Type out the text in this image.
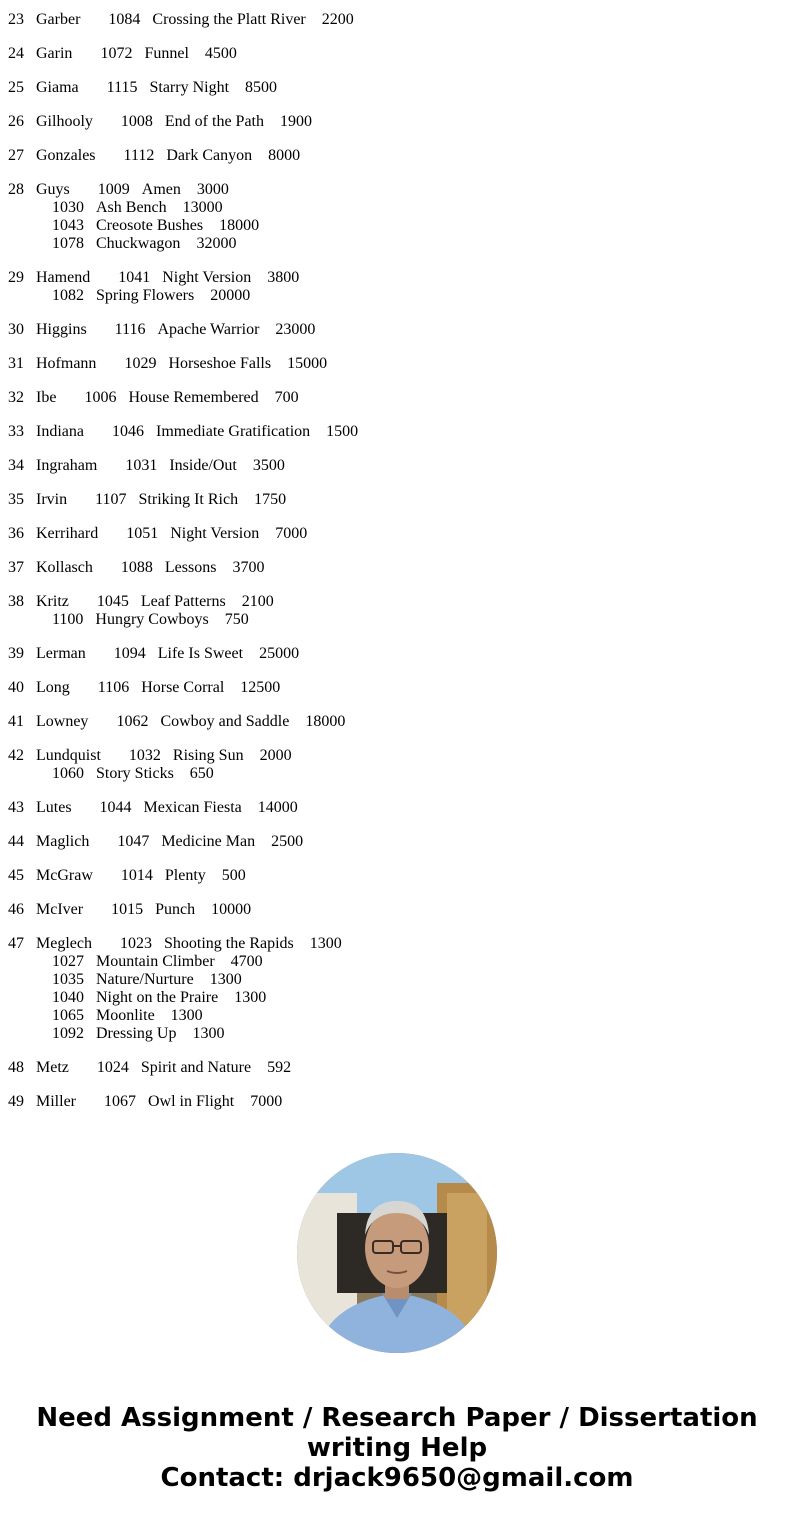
23 Garber 1084 Crossing the Platt River 2200
24 Garin 1072 Funnel 4500
25 Giama 1115 Starry Night 8500
26 Gilhooly 1008 End of the Path 1900
27 Gonzales 1112 Dark Canyon 8000
28 Guys 1009 Amen 3000
1030 Ash Bench 13000
1043 Creosote Bushes 18000
1078 Chuckwagon 32000
29 Hamend 1041 Night Version 3800
1082 Spring Flowers 20000
30 Higgins 1116 Apache Warrior 23000
31 Hofmann 1029 Horseshoe Falls 15000
32 Ibe 1006 House Remembered 700
33 Indiana 1046 Immediate Gratification 1500
34 Ingraham 1031 Inside/Out 3500
35 Irvin 1107 Striking It Rich 1750
36 Kerrihard 1051 Night Version 7000
37 Kollasch 1088 Lessons 3700
38 Kritz 1045 Leaf Patterns 2100
1100 Hungry Cowboys 750
39 Lerman 1094 Life Is Sweet 25000
40 Long 1106 Horse Corral 12500
41 Lowney 1062 Cowboy and Saddle 18000
42 Lundquist 1032 Rising Sun 2000
1060 Story Sticks 650
43 Lutes 1044 Mexican Fiesta 14000
44 Maglich 1047 Medicine Man 2500
45 McGraw 1014 Plenty 500
46 McIver 1015 Punch 10000
47 Meglech 1023 Shooting the Rapids 1300
1027 Mountain Climber 4700
1035 Nature/Nurture 1300
1040 Night on the Praire 1300
1065 Moonlite 1300
1092 Dressing Up 1300
48 Metz 1024 Spirit and Nature 592
49 Miller 1067 Owl in Flight 7000
Need Assignment / Research Paper / Dissertation
writing Help
Contact: drjack9650@gmail.com
